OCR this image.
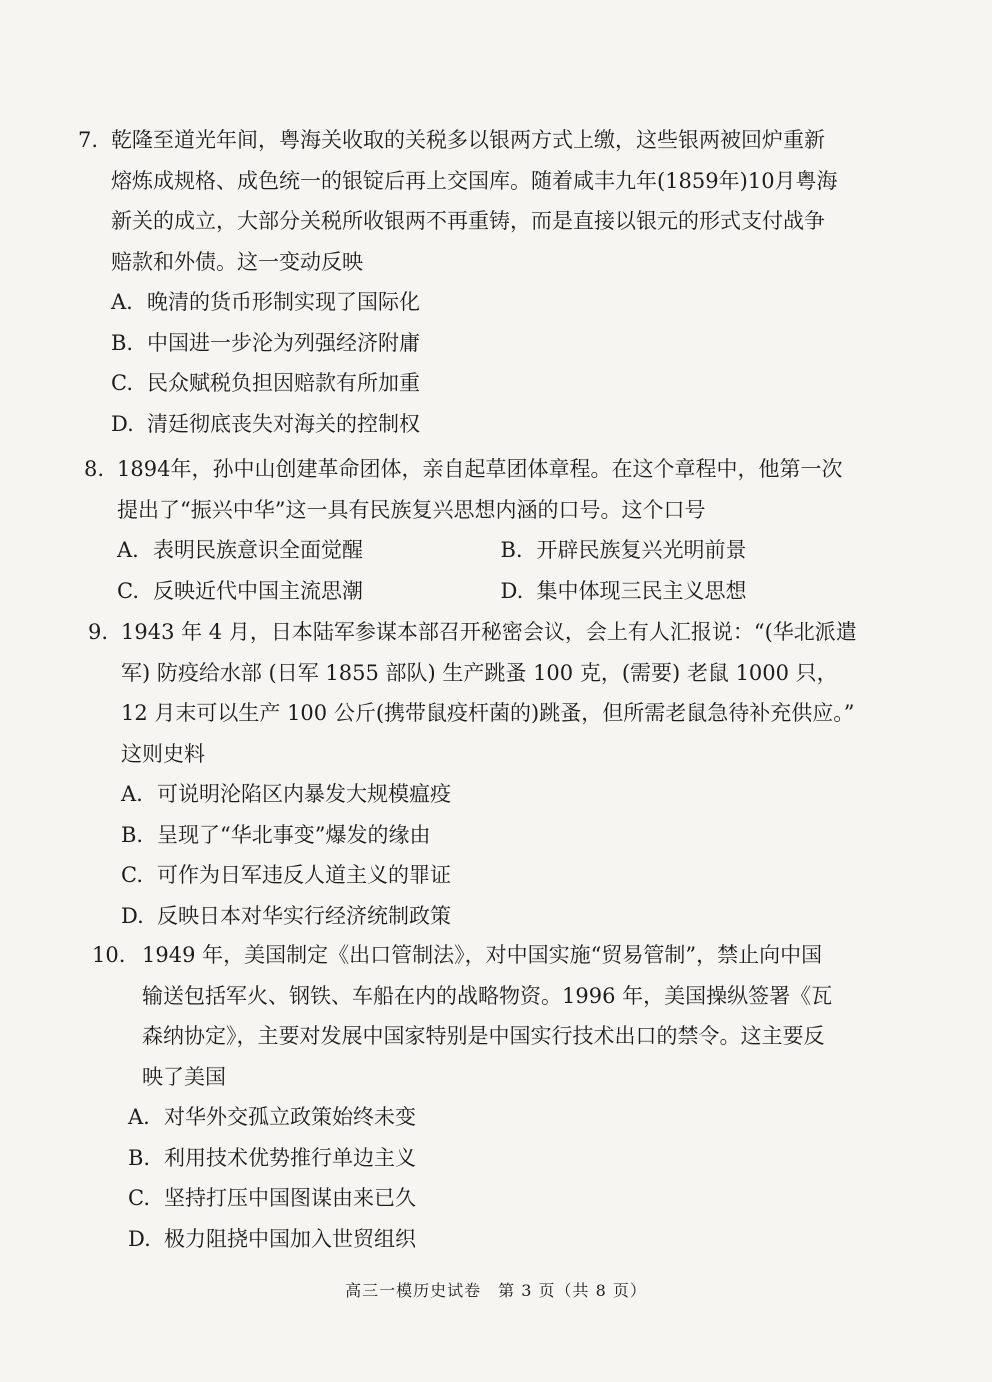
7. 乾隆至道光年间，粤海关收取的关税多以银两方式上缴，这些银两被回炉重新
熔炼成规格、成色统一的银锭后再上交国库。随着咸丰九年(1859年)10月粤海
新关的成立，大部分关税所收银两不再重铸，而是直接以银元的形式支付战争
赔款和外债。这一变动反映
A. 晚清的货币形制实现了国际化
B. 中国进一步沦为列强经济附庸
C. 民众赋税负担因赔款有所加重
D. 清廷彻底丧失对海关的控制权
8. 1894年，孙中山创建革命团体，亲自起草团体章程。在这个章程中，他第一次
提出了“振兴中华”这一具有民族复兴思想内涵的口号。这个口号
A. 表明民族意识全面觉醒	B. 开辟民族复兴光明前景
C. 反映近代中国主流思潮	D. 集中体现三民主义思想
9. 1943 年 4 月，日本陆军参谋本部召开秘密会议，会上有人汇报说：“(华北派遣
军) 防疫给水部 (日军 1855 部队) 生产跳蚤 100 克，(需要) 老鼠 1000 只，
12 月末可以生产 100 公斤(携带鼠疫杆菌的)跳蚤，但所需老鼠急待补充供应。”
这则史料
A. 可说明沦陷区内暴发大规模瘟疫
B. 呈现了“华北事变”爆发的缘由
C. 可作为日军违反人道主义的罪证
D. 反映日本对华实行经济统制政策
10. 1949 年，美国制定《出口管制法》，对中国实施“贸易管制”，禁止向中国
输送包括军火、钢铁、车船在内的战略物资。1996 年，美国操纵签署《瓦
森纳协定》，主要对发展中国家特别是中国实行技术出口的禁令。这主要反
映了美国
A. 对华外交孤立政策始终未变
B. 利用技术优势推行单边主义
C. 坚持打压中国图谋由来已久
D. 极力阻挠中国加入世贸组织
高三一模历史试卷　第 3 页（共 8 页）
